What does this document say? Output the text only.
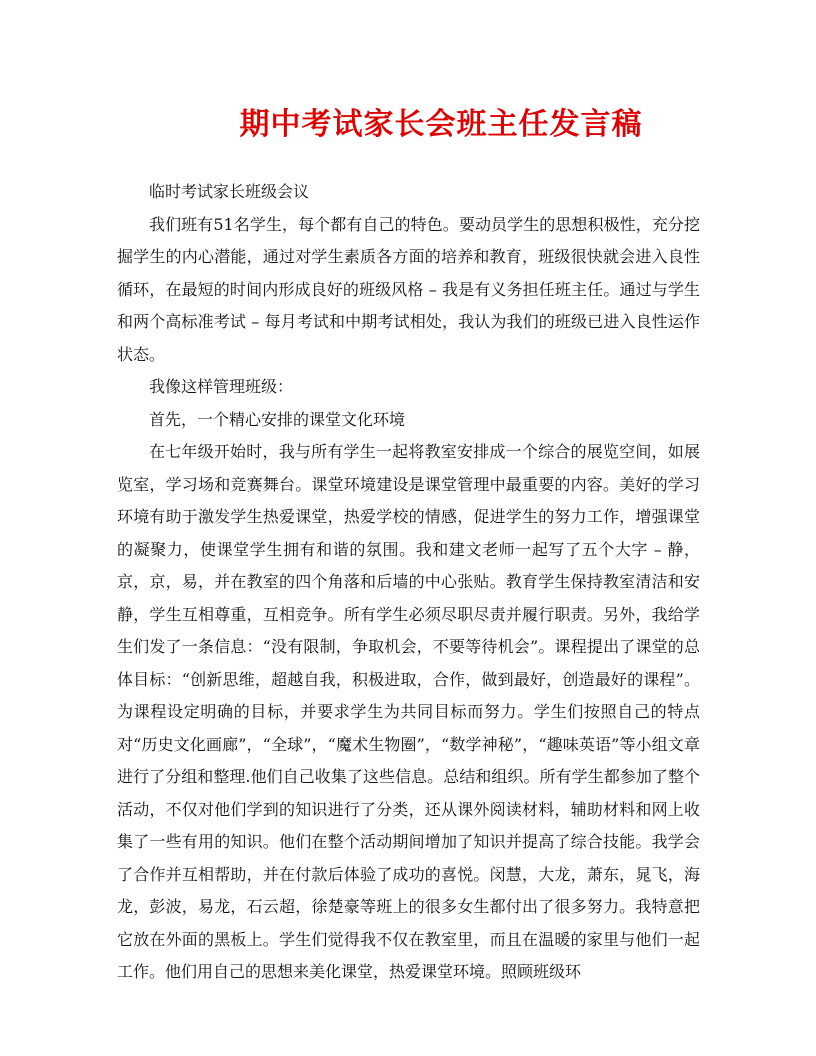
期中考试家长会班主任发言稿

临时考试家长班级会议

我们班有51名学生，每个都有自己的特色。要动员学生的思想积极性，充分挖掘学生的内心潜能，通过对学生素质各方面的培养和教育，班级很快就会进入良性循环，在最短的时间内形成良好的班级风格 – 我是有义务担任班主任。通过与学生和两个高标准考试 – 每月考试和中期考试相处，我认为我们的班级已进入良性运作状态。

我像这样管理班级：

首先，一个精心安排的课堂文化环境

在七年级开始时，我与所有学生一起将教室安排成一个综合的展览空间，如展览室，学习场和竞赛舞台。课堂环境建设是课堂管理中最重要的内容。美好的学习环境有助于激发学生热爱课堂，热爱学校的情感，促进学生的努力工作，增强课堂的凝聚力，使课堂学生拥有和谐的氛围。我和建文老师一起写了五个大字 – 静，京，京，易，并在教室的四个角落和后墙的中心张贴。教育学生保持教室清洁和安静，学生互相尊重，互相竞争。所有学生必须尽职尽责并履行职责。另外，我给学生们发了一条信息：“没有限制，争取机会，不要等待机会”。课程提出了课堂的总体目标：“创新思维，超越自我，积极进取，合作，做到最好，创造最好的课程”。为课程设定明确的目标，并要求学生为共同目标而努力。学生们按照自己的特点对“历史文化画廊”，“全球”，“魔术生物圈”，“数学神秘”，“趣味英语”等小组文章进行了分组和整理.他们自己收集了这些信息。总结和组织。所有学生都参加了整个活动，不仅对他们学到的知识进行了分类，还从课外阅读材料，辅助材料和网上收集了一些有用的知识。他们在整个活动期间增加了知识并提高了综合技能。我学会了合作并互相帮助，并在付款后体验了成功的喜悦。闵慧，大龙，萧东，晁飞，海龙，彭波，易龙，石云超，徐楚豪等班上的很多女生都付出了很多努力。我特意把它放在外面的黑板上。学生们觉得我不仅在教室里，而且在温暖的家里与他们一起工作。他们用自己的思想来美化课堂，热爱课堂环境。照顾班级环
